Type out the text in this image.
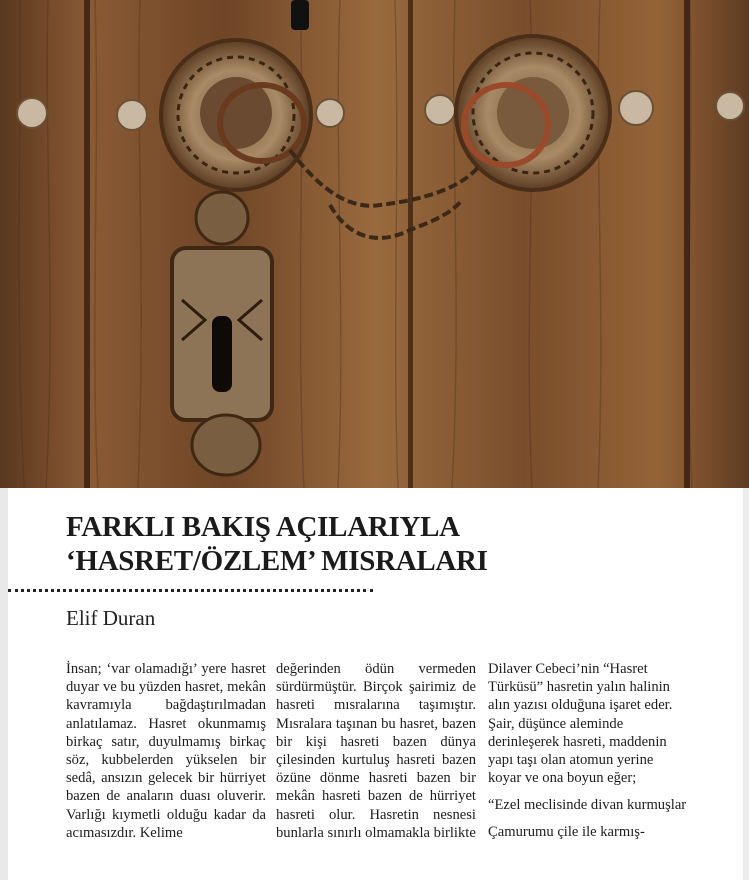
FARKLI BAKIŞ AÇILARIYLA
‘HASRET/ÖZLEM’ MISRALARI
Elif Duran

İnsan; ‘var olamadığı’ yere hasret duyar ve bu yüzden hasret, mekân kavramıyla bağdaştırılmadan anlatılamaz. Hasret okunmamış birkaç satır, duyulmamış birkaç söz, kubbelerden yükselen bir sedâ, ansızın gelecek bir hürriyet bazen de anaların duası oluverir. Varlığı kıymetli olduğu kadar da acımasızdır. Kelime

değerinden ödün vermeden sürdürmüştür. Birçok şairimiz de hasreti mısralarına taşımıştır. Mısralara taşınan bu hasret, bazen bir kişi hasreti bazen dünya çilesinden kurtuluş hasreti bazen özüne dönme hasreti bazen bir mekân hasreti bazen de hürriyet hasreti olur. Hasretin nesnesi bunlarla sınırlı olmamakla birlikte

Dilaver Cebeci’nin “Hasret Türküsü” hasretin yalın halinin alın yazısı olduğuna işaret eder. Şair, düşünce aleminde derinleşerek hasreti, maddenin yapı taşı olan atomun yerine koyar ve ona boyun eğer;

“Ezel meclisinde divan kurmuşlar

Çamurumu çile ile karmış-
